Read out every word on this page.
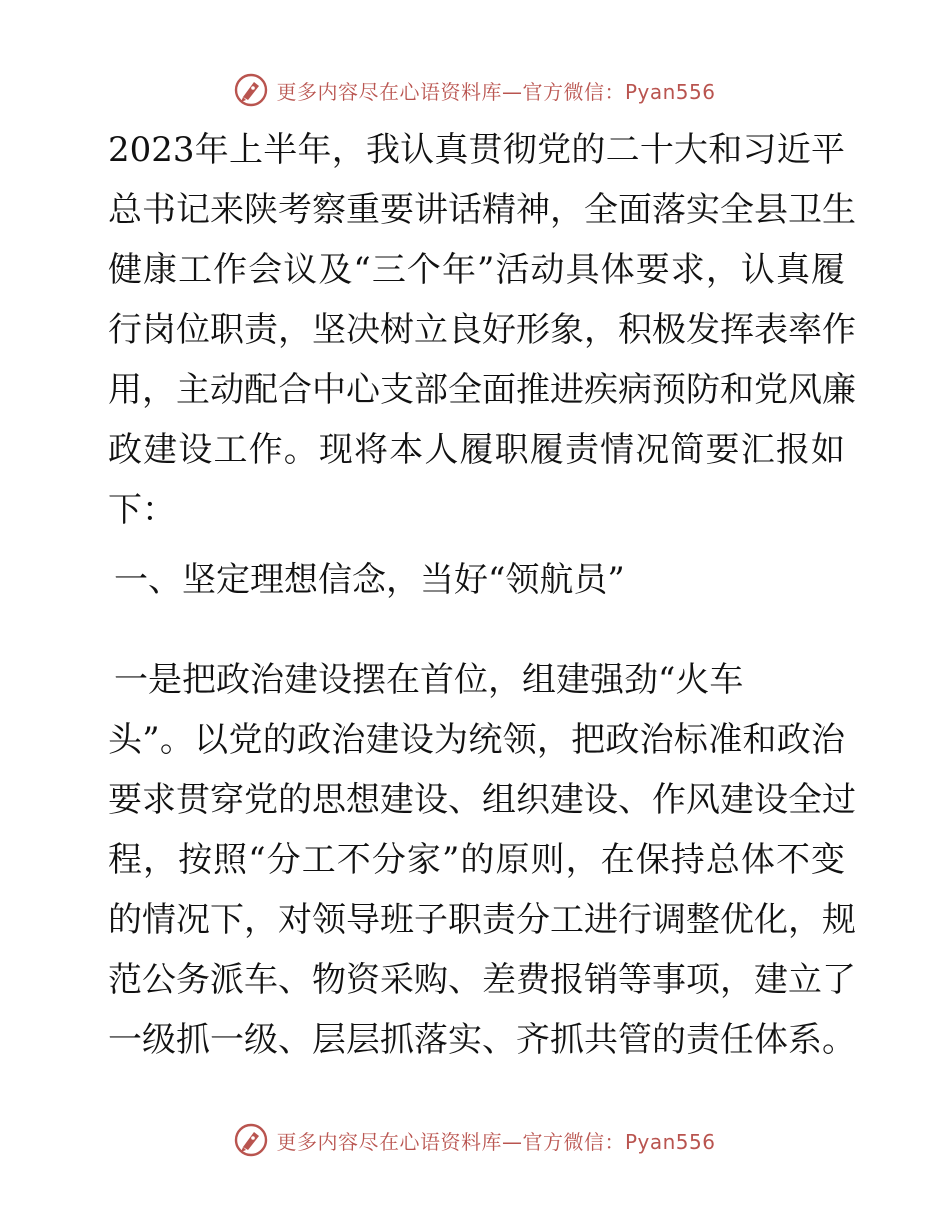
更多内容尽在心语资料库—官方微信：Pyan556
2023年上半年，我认真贯彻党的二十大和习近平
总书记来陕考察重要讲话精神，全面落实全县卫生
健康工作会议及“三个年”活动具体要求，认真履
行岗位职责，坚决树立良好形象，积极发挥表率作
用，主动配合中心支部全面推进疾病预防和党风廉
政建设工作。现将本人履职履责情况简要汇报如
下：
一、坚定理想信念，当好“领航员”
一是把政治建设摆在首位，组建强劲“火车
头”。以党的政治建设为统领，把政治标准和政治
要求贯穿党的思想建设、组织建设、作风建设全过
程，按照“分工不分家”的原则，在保持总体不变
的情况下，对领导班子职责分工进行调整优化，规
范公务派车、物资采购、差费报销等事项，建立了
一级抓一级、层层抓落实、齐抓共管的责任体系。
更多内容尽在心语资料库—官方微信：Pyan556
